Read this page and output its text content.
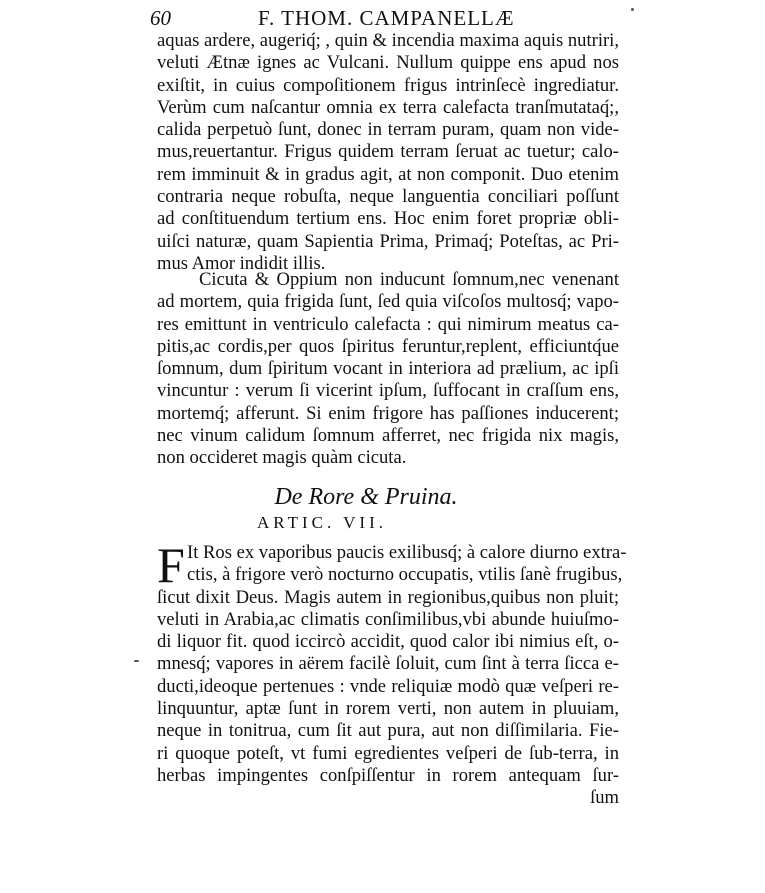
60	F. THOM. CAMPANELLÆ
aquas ardere, augeriq́; , quin & incendia maxima aquis nutriri,
veluti Ætnæ ignes ac Vulcani. Nullum quippe ens apud nos
exiſtit, in cuius compoſitionem frigus intrinſecè ingrediatur.
Verùm cum naſcantur omnia ex terra calefacta tranſmutataq́;,
calida perpetuò ſunt, donec in terram puram, quam non vide-
mus,reuertantur. Frigus quidem terram ſeruat ac tuetur; calo-
rem imminuit & in gradus agit, at non componit. Duo etenim
contraria neque robuſta, neque languentia conciliari poſſunt
ad conſtituendum tertium ens. Hoc enim foret propriæ obli-
uiſci naturæ, quam Sapientia Prima, Primaq́; Poteſtas, ac Pri-
mus Amor indidit illis.
Cicuta & Oppium non inducunt ſomnum,nec venenant
ad mortem, quia frigida ſunt, ſed quia viſcoſos multosq́; vapo-
res emittunt in ventriculo calefacta : qui nimirum meatus ca-
pitis,ac cordis,per quos ſpiritus feruntur,replent, efficiuntq́ue
ſomnum, dum ſpiritum vocant in interiora ad prælium, ac ipſi
vincuntur : verum ſi vicerint ipſum, ſuffocant in craſſum ens,
mortemq́; afferunt. Si enim frigore has paſſiones inducerent;
nec vinum calidum ſomnum afferret, nec frigida nix magis,
non occideret magis quàm cicuta.
De Rore & Pruina.
ARTIC. VII.
F It Ros ex vaporibus paucis exilibusq́; à calore diurno extra-
ctis, à frigore verò nocturno occupatis, vtilis ſanè frugibus,
ſicut dixit Deus. Magis autem in regionibus,quibus non pluit;
veluti in Arabia,ac climatis conſimilibus,vbi abunde huiuſmo-
di liquor fit. quod iccircò accidit, quod calor ibi nimius eſt, o-
mnesq́; vapores in aërem facilè ſoluit, cum ſint à terra ſicca e-
ducti,ideoque pertenues : vnde reliquiæ modò quæ veſperi re-
linquuntur, aptæ ſunt in rorem verti, non autem in pluuiam,
neque in tonitrua, cum ſit aut pura, aut non diſſimilaria. Fie-
ri quoque poteſt, vt fumi egredientes veſperi de ſub-terra, in
herbas impingentes conſpiſſentur in rorem antequam ſur-
ſum
